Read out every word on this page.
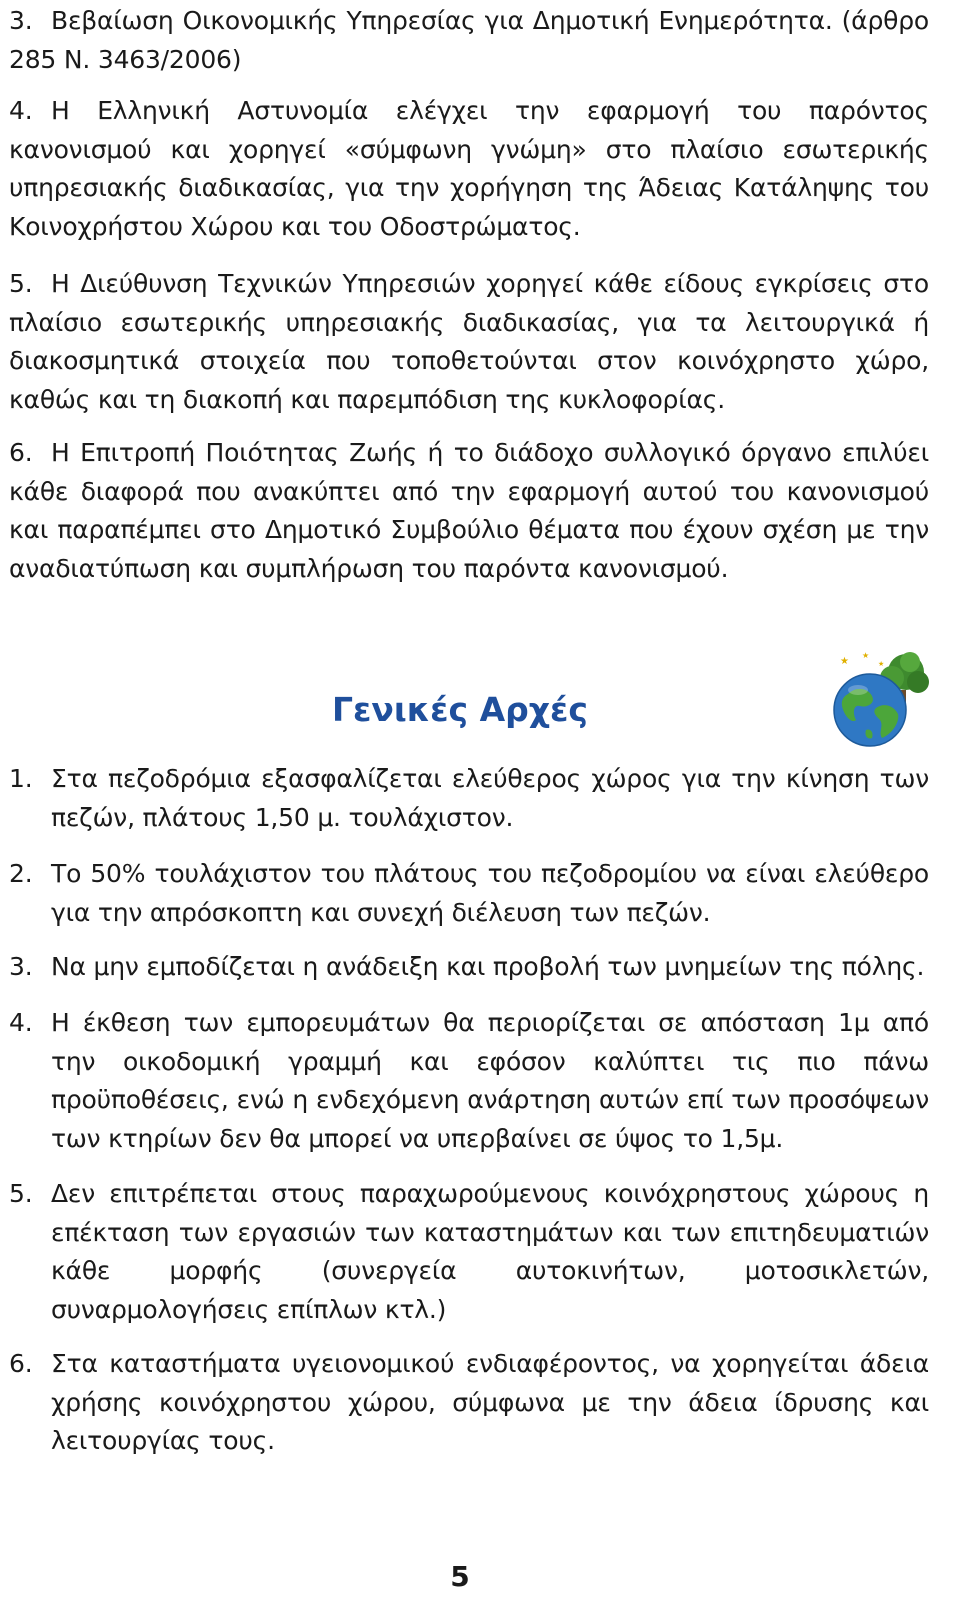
3. Βεβαίωση Οικονομικής Υπηρεσίας για Δημοτική Ενημερότητα. (άρθρο 285 Ν. 3463/2006)
4. Η Ελληνική Αστυνομία ελέγχει την εφαρμογή του παρόντος κανονισμού και χορηγεί «σύμφωνη γνώμη» στο πλαίσιο εσωτερικής υπηρεσιακής διαδικασίας, για την χορήγηση της Άδειας Κατάληψης του Κοινοχρήστου Χώρου και του Οδοστρώματος.
5. Η Διεύθυνση Τεχνικών Υπηρεσιών χορηγεί κάθε είδους εγκρίσεις στο πλαίσιο εσωτερικής υπηρεσιακής διαδικασίας, για τα λειτουργικά ή διακοσμητικά στοιχεία που τοποθετούνται στον κοινόχρηστο χώρο, καθώς και τη διακοπή και παρεμπόδιση της κυκλοφορίας.
6. Η Επιτροπή Ποιότητας Ζωής ή το διάδοχο συλλογικό όργανο επιλύει κάθε διαφορά που ανακύπτει από την εφαρμογή αυτού του κανονισμού και παραπέμπει στο Δημοτικό Συμβούλιο θέματα που έχουν σχέση με την αναδιατύπωση και συμπλήρωση του παρόντα κανονισμού.
Γενικές Αρχές
★
★
★
1. Στα πεζοδρόμια εξασφαλίζεται ελεύθερος χώρος για την κίνηση των πεζών, πλάτους 1,50 μ. τουλάχιστον.
2. Το 50% τουλάχιστον του πλάτους του πεζοδρομίου να είναι ελεύθερο για την απρόσκοπτη και συνεχή διέλευση των πεζών.
3. Να μην εμποδίζεται η ανάδειξη και προβολή των μνημείων της πόλης.
4. Η έκθεση των εμπορευμάτων θα περιορίζεται σε απόσταση 1μ από την οικοδομική γραμμή και εφόσον καλύπτει τις πιο πάνω προϋποθέσεις, ενώ η ενδεχόμενη ανάρτηση αυτών επί των προσόψεων των κτηρίων δεν θα μπορεί να υπερβαίνει σε ύψος το 1,5μ.
5. Δεν επιτρέπεται στους παραχωρούμενους κοινόχρηστους χώρους η επέκταση των εργασιών των καταστημάτων και των επιτηδευματιών κάθε μορφής (συνεργεία αυτοκινήτων, μοτοσικλετών, συναρμολογήσεις επίπλων κτλ.)
6. Στα καταστήματα υγειονομικού ενδιαφέροντος, να χορηγείται άδεια χρήσης κοινόχρηστου χώρου, σύμφωνα με την άδεια ίδρυσης και λειτουργίας τους.
5
